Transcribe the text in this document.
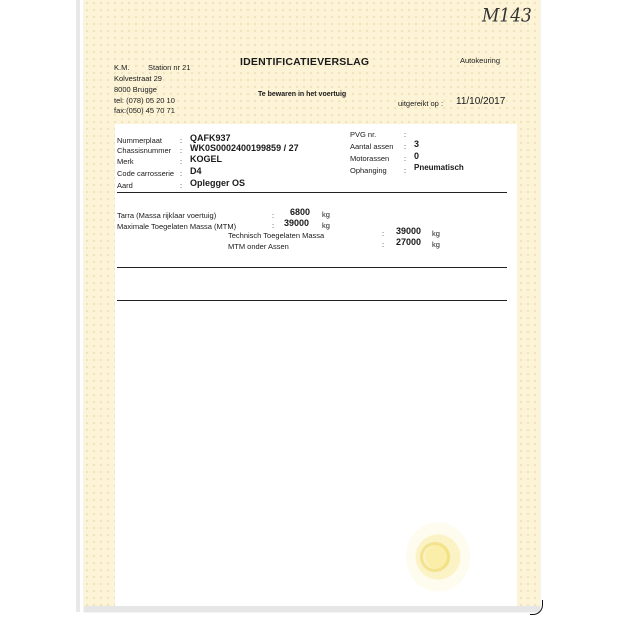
M143
K.M. Station nr 21
Kolvestraat 29
8000 Brugge
tel: (078) 05 20 10
fax:(050) 45 70 71
IDENTIFICATIEVERSLAG	Autokeuring
Te bewaren in het voertuig
uitgereikt op : 11/10/2017
Nummerplaat : QAFK937
Chassisnummer : WK0S0002400199859 / 27
Merk	: KOGEL
Code carrosserie : D4
Aard	: Oplegger OS
PVG nr.	:
Aantal assen : 3
Motorassen : 0
Ophanging : Pneumatisch
Tarra (Massa rijklaar voertuig)	: 6800 kg
Maximale Toegelaten Massa (MTM)	: 39000 kg
Technisch Toegelaten Massa	: 39000 kg
MTM onder Assen	: 27000 kg
